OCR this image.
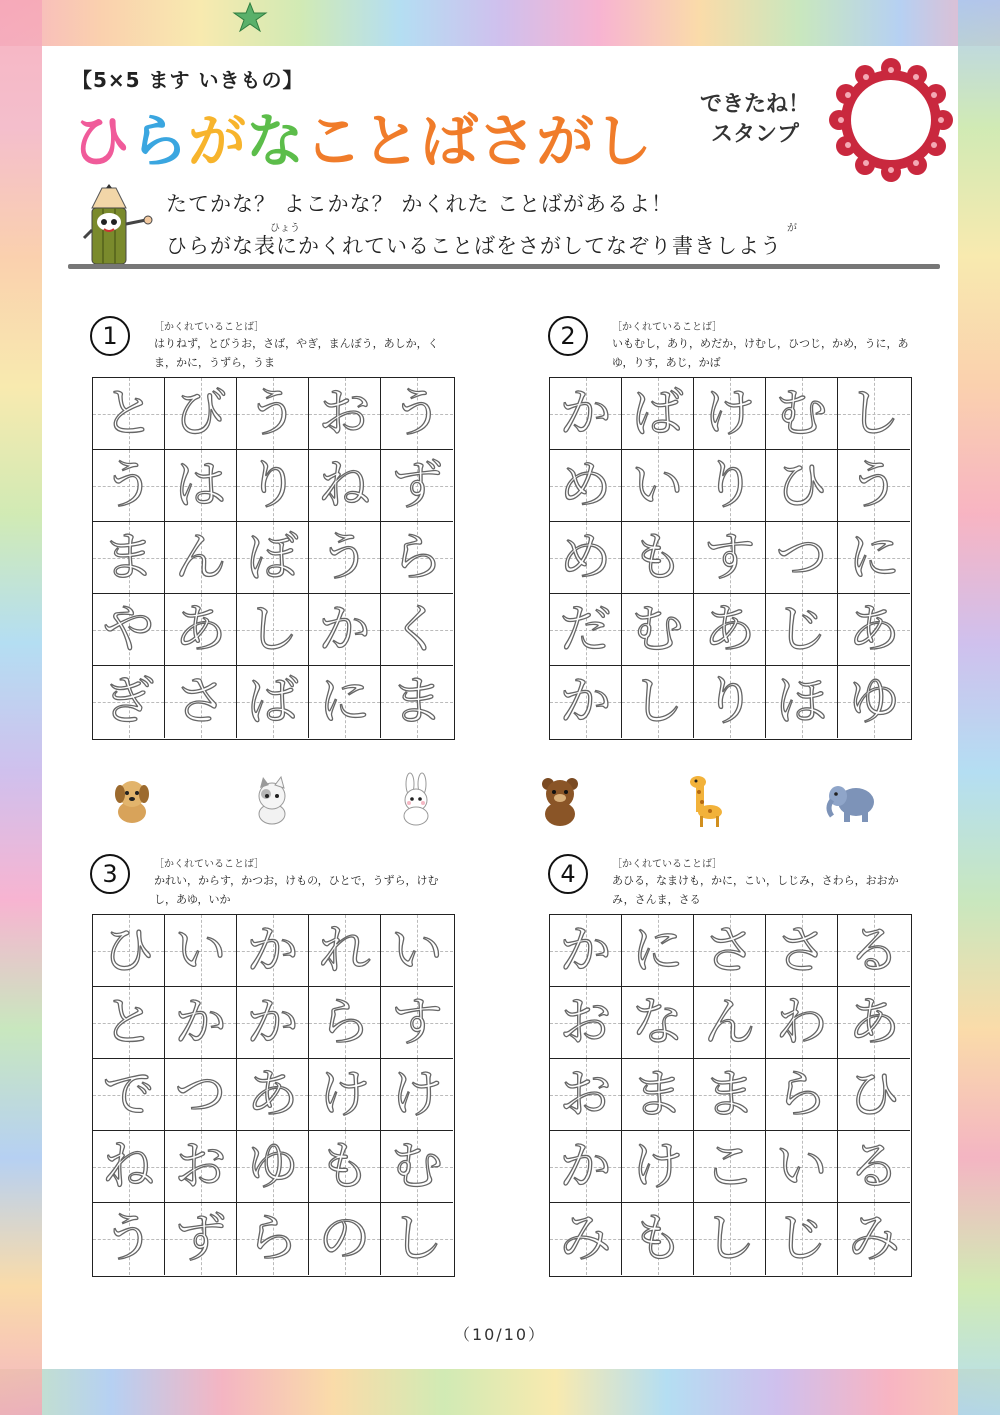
【5×5 ます いきもの】
ひらがなことばさがし
できたね！
スタンプ
ひょう	が
たてかな？ よこかな？ かくれた ことばがあるよ！
ひらがな表にかくれていることばをさがしてなぞり書きしよう
1	［かくれていることば］
はりねず，とびうお，さば，やぎ，まんぼう，あしか，くま，かに，うずら，うま
と び う お う
う は り ね ず
ま ん ぼ う ら
や あ し か く
ぎ さ ば に ま
2	［かくれていることば］
いもむし，あり，めだか，けむし，ひつじ，かめ，うに，あゆ，りす，あじ，かば
か ば け む し
め い り ひ う
め も す つ に
だ む あ じ あ
か し り ほ ゆ
3	［かくれていることば］
かれい，からす，かつお，けもの，ひとで，うずら，けむし，あゆ，いか
ひ い か れ い
と か か ら す
で つ あ け け
ね お ゆ も む
う ず ら の し
4	［かくれていることば］
あひる，なまけも，かに，こい，しじみ，さわら，おおかみ，さんま，さる
か に さ さ る
お な ん わ あ
お ま ま ら ひ
か け こ い る
み も し じ み
（10/10）
